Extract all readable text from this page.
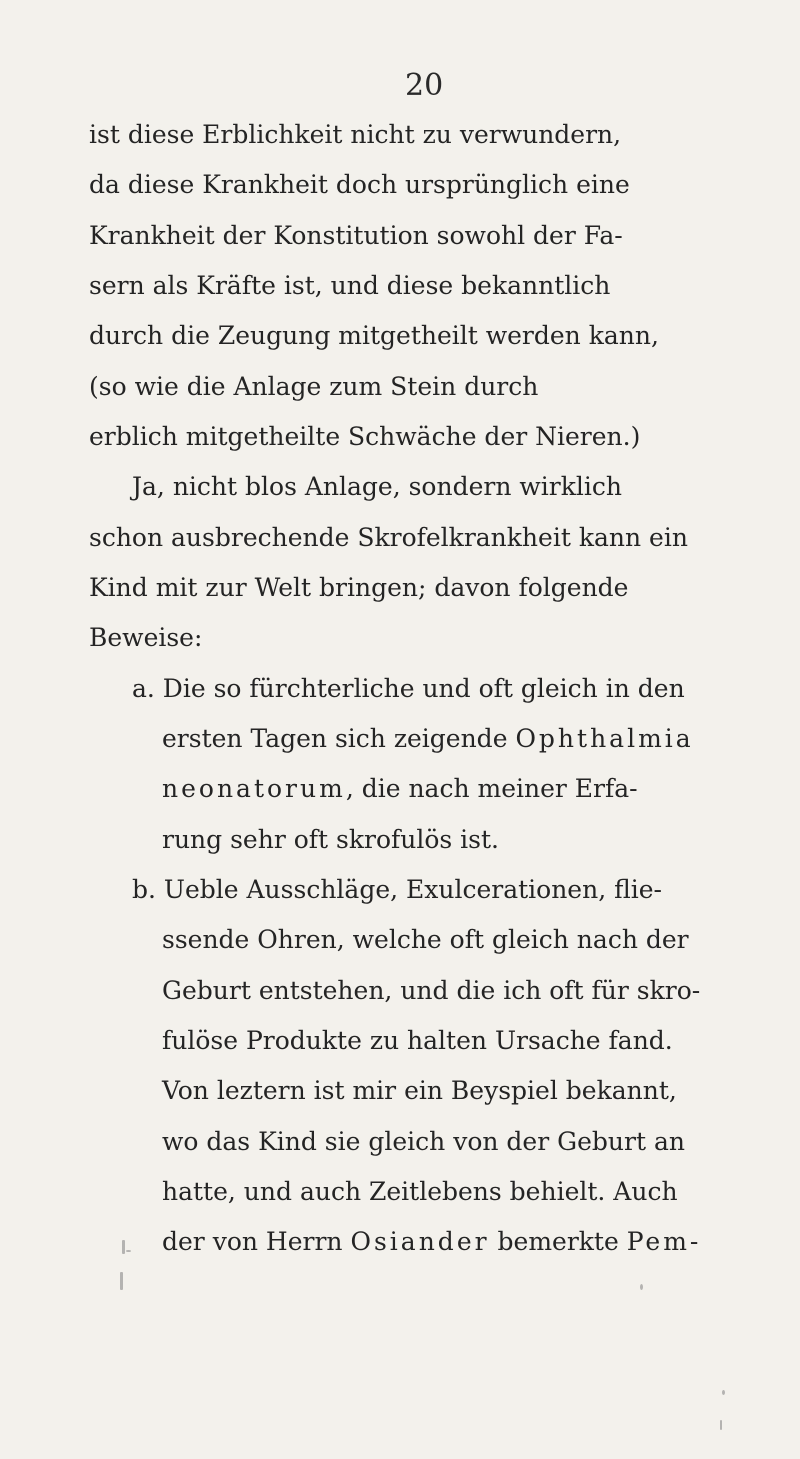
20
ist diese Erblichkeit nicht zu verwundern,
da diese Krankheit doch ursprünglich eine
Krankheit der Konstitution sowohl der Fa-
sern als Kräfte ist, und diese bekanntlich
durch die Zeugung mitgetheilt werden kann,
(so wie die Anlage zum Stein durch
erblich mitgetheilte Schwäche der Nieren.)
Ja, nicht blos Anlage, sondern wirklich
schon ausbrechende Skrofelkrankheit kann ein
Kind mit zur Welt bringen; davon folgende
Beweise:
a. Die so fürchterliche und oft gleich in den
ersten Tagen sich zeigende Ophthalmia
neonatorum, die nach meiner Erfa-
rung sehr oft skrofulös ist.
b. Ueble Ausschläge, Exulcerationen, flie-
ssende Ohren, welche oft gleich nach der
Geburt entstehen, und die ich oft für skro-
fulöse Produkte zu halten Ursache fand.
Von leztern ist mir ein Beyspiel bekannt,
wo das Kind sie gleich von der Geburt an
hatte, und auch Zeitlebens behielt. Auch
der von Herrn Osiander bemerkte Pem-
